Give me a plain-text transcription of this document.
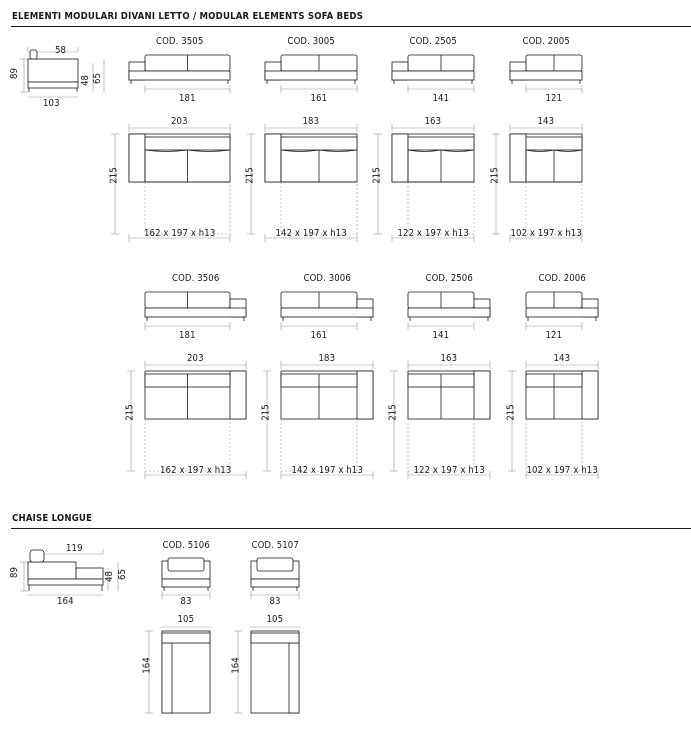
ELEMENTI MODULARI DIVANI LETTO / MODULAR ELEMENTS SOFA BEDS
58
89
48 65
103
COD. 3505
181
203
162 x 197 x h13
215
COD. 3005
161
183
142 x 197 x h13
215
COD. 2505
141
163
122 x 197 x h13
215
COD. 2005
121
143
102 x 197 x h13
215
COD. 3506
181
203
162 x 197 x h13
215
COD. 3006
161
183
142 x 197 x h13
215
COD. 2506
141
163
122 x 197 x h13
215
COD. 2006
121
143
102 x 197 x h13
215
CHAISE LONGUE
119
89	48 65
164
COD. 5106
83
105
164
COD. 5107
83
105
164
